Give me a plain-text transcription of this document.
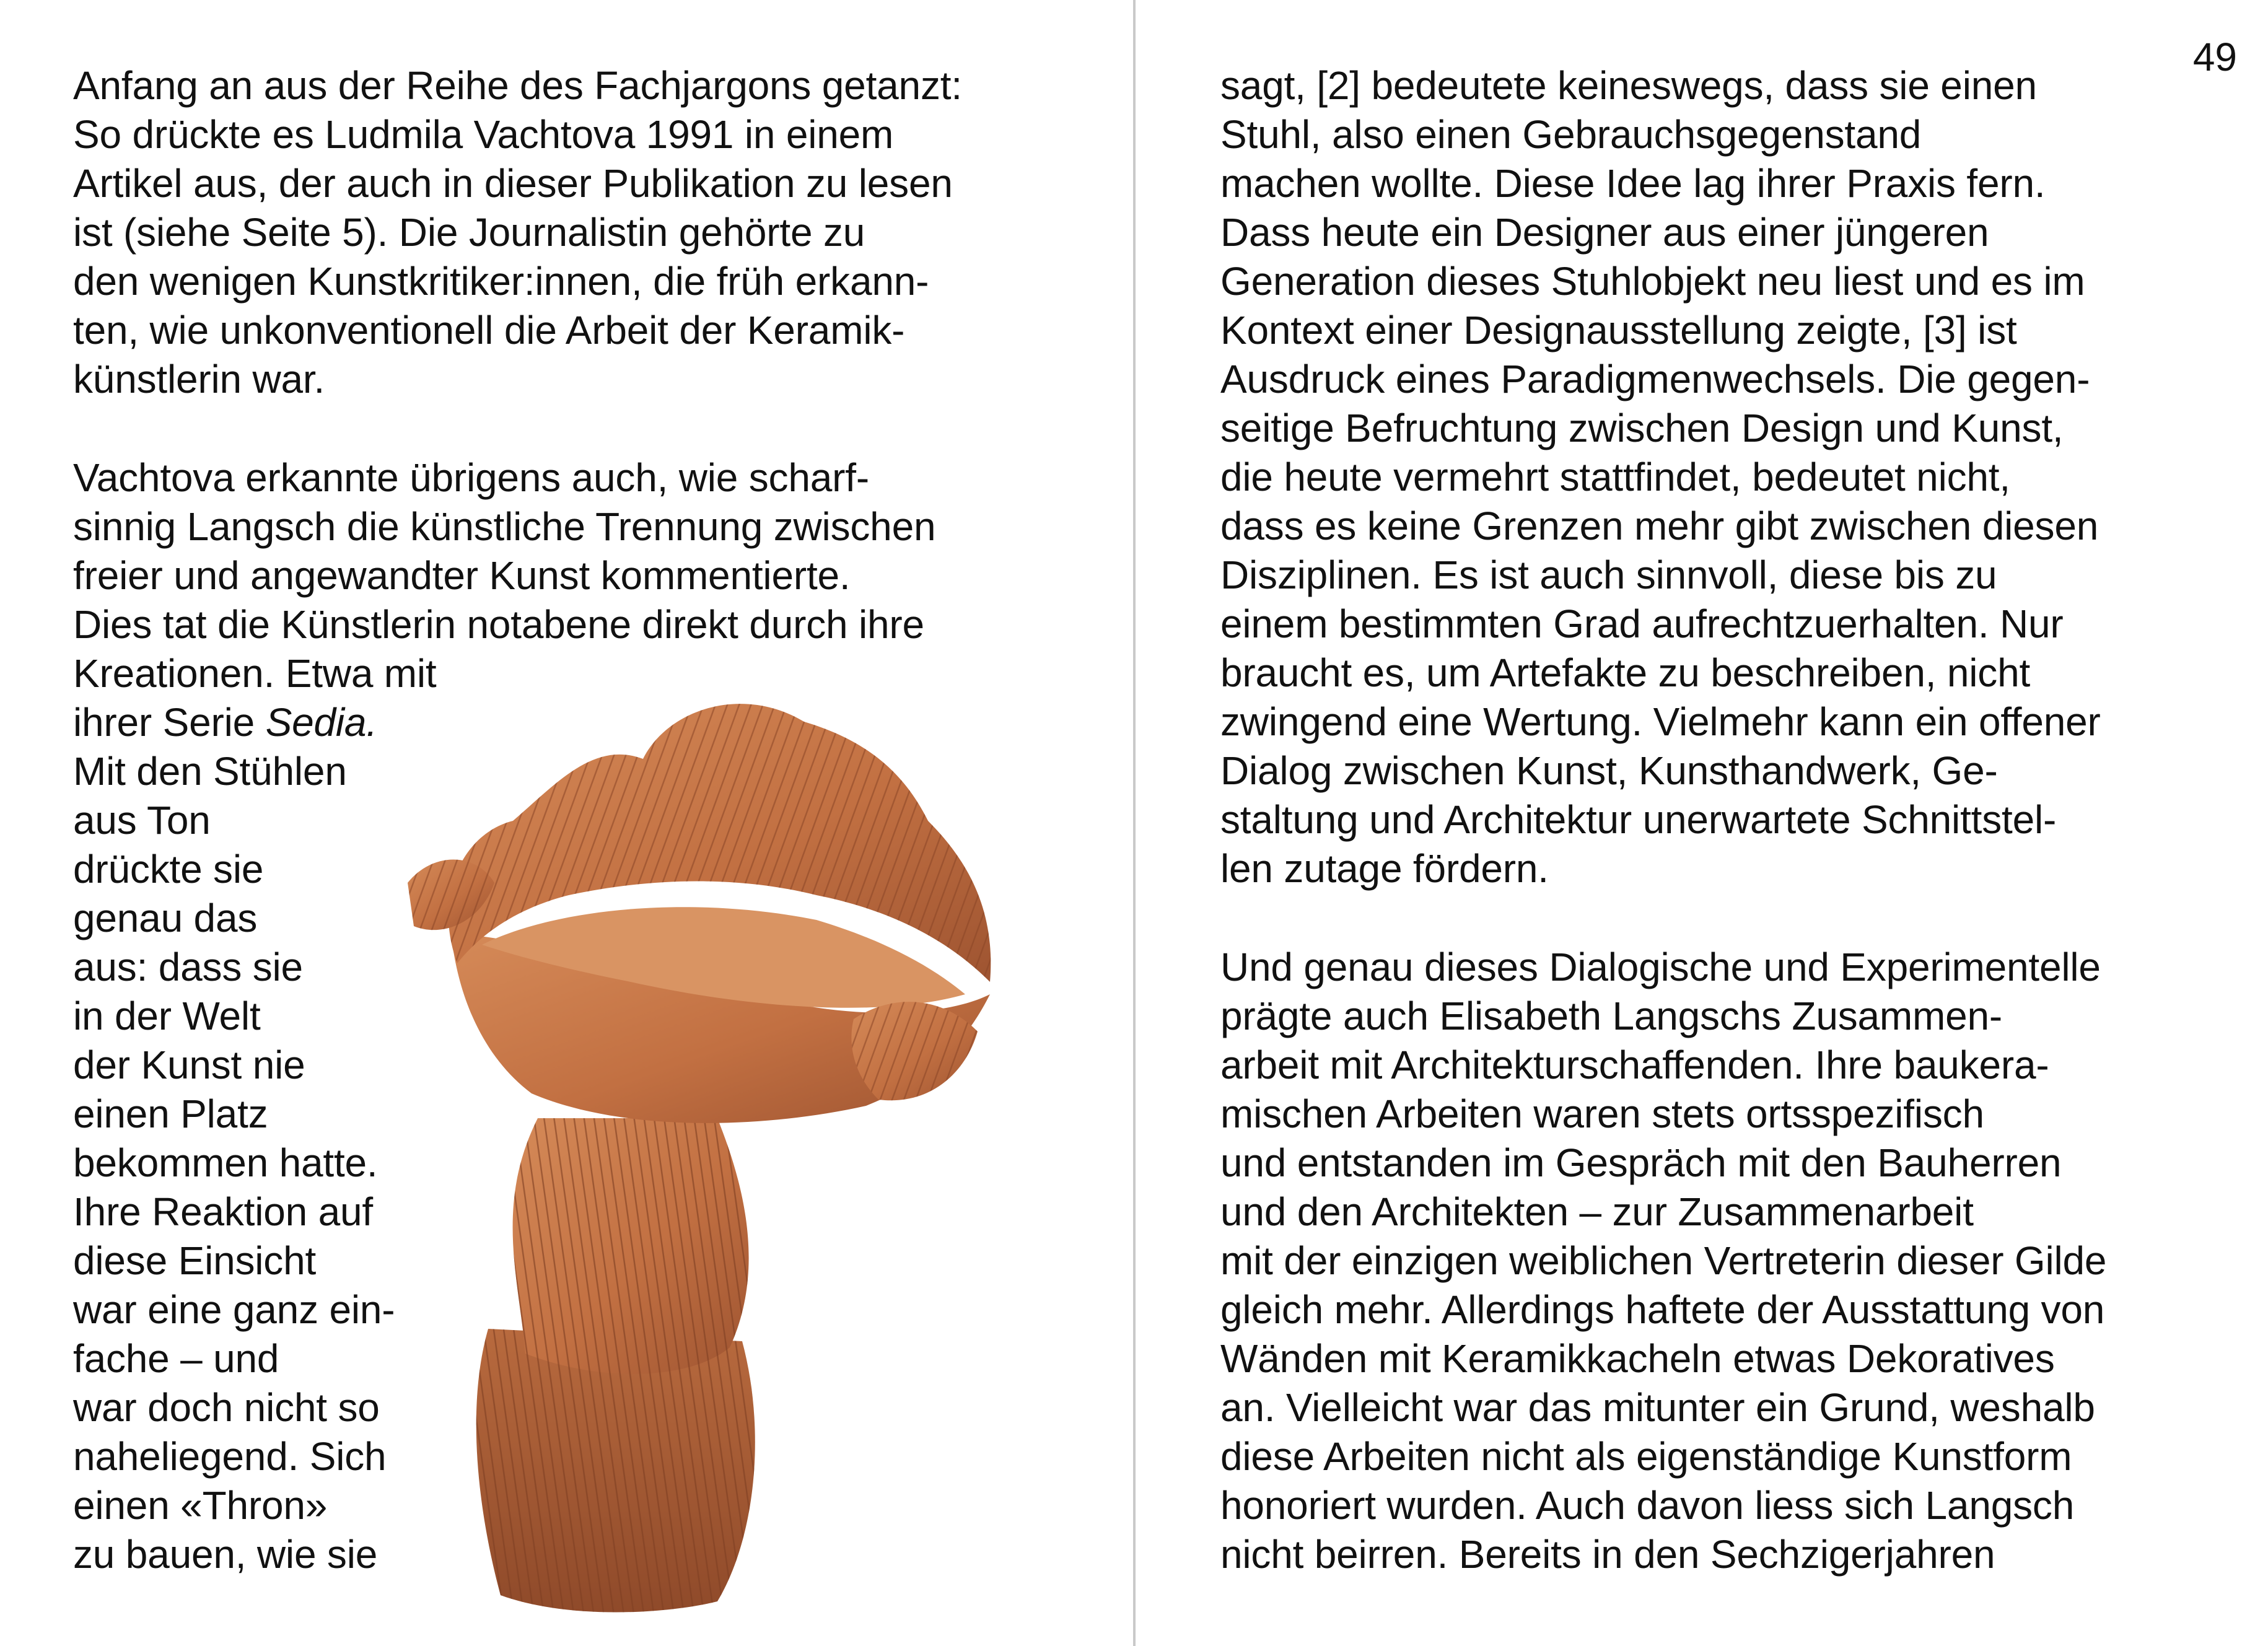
Anfang an aus der Reihe des Fachjargons getanzt:
So drückte es Ludmila Vachtova 1991 in einem
Artikel aus, der auch in dieser Publikation zu lesen
ist (siehe Seite 5). Die Journalistin gehörte zu
den wenigen Kunstkritiker:innen, die früh erkann-
ten, wie unkonventionell die Arbeit der Keramik-
künstlerin war.
Vachtova erkannte übrigens auch, wie scharf-
sinnig Langsch die künstliche Trennung zwischen
freier und angewandter Kunst kommentierte.
Dies tat die Künstlerin notabene direkt durch ihre
Kreationen. Etwa mit
ihrer Serie Sedia.
Mit den Stühlen
aus Ton
drückte sie
genau das
aus: dass sie
in der Welt
der Kunst nie
einen Platz
bekommen hatte.
Ihre Reaktion auf
diese Einsicht
war eine ganz ein-
fache – und
war doch nicht so
naheliegend. Sich
einen «Thron»
zu bauen, wie sie
49
sagt, [2] bedeutete keineswegs, dass sie einen
Stuhl, also einen Gebrauchsgegenstand
machen wollte. Diese Idee lag ihrer Praxis fern.
Dass heute ein Designer aus einer jüngeren
Generation dieses Stuhlobjekt neu liest und es im
Kontext einer Designausstellung zeigte, [3] ist
Ausdruck eines Paradigmenwechsels. Die gegen-
seitige Befruchtung zwischen Design und Kunst,
die heute vermehrt stattfindet, bedeutet nicht,
dass es keine Grenzen mehr gibt zwischen diesen
Disziplinen. Es ist auch sinnvoll, diese bis zu
einem bestimmten Grad aufrechtzuerhalten. Nur
braucht es, um Artefakte zu beschreiben, nicht
zwingend eine Wertung. Vielmehr kann ein offener
Dialog zwischen Kunst, Kunsthandwerk, Ge-
staltung und Architektur unerwartete Schnittstel-
len zutage fördern.
Und genau dieses Dialogische und Experimentelle
prägte auch Elisabeth Langschs Zusammen-
arbeit mit Architekturschaffenden. Ihre baukera-
mischen Arbeiten waren stets ortsspezifisch
und entstanden im Gespräch mit den Bauherren
und den Architekten – zur Zusammenarbeit
mit der einzigen weiblichen Vertreterin dieser Gilde
gleich mehr. Allerdings haftete der Ausstattung von
Wänden mit Keramikkacheln etwas Dekoratives
an. Vielleicht war das mitunter ein Grund, weshalb
diese Arbeiten nicht als eigenständige Kunstform
honoriert wurden. Auch davon liess sich Langsch
nicht beirren. Bereits in den Sechzigerjahren
